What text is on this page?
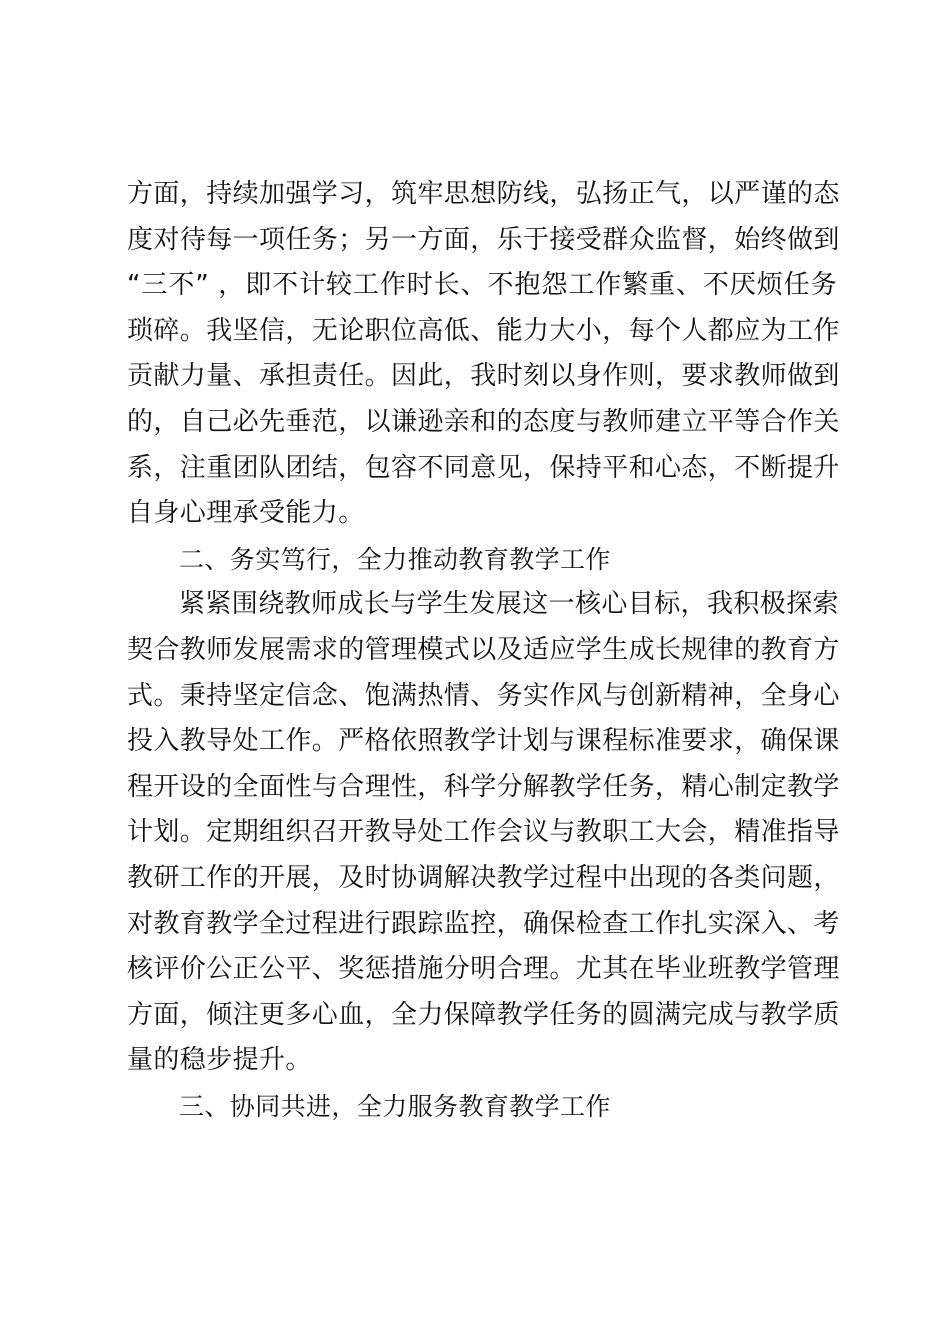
方面，持续加强学习，筑牢思想防线，弘扬正气，以严谨的态
度对待每一项任务；另一方面，乐于接受群众监督，始终做到
“三不” ，即不计较工作时长、不抱怨工作繁重、不厌烦任务
琐碎。我坚信，无论职位高低、能力大小，每个人都应为工作
贡献力量、承担责任。因此，我时刻以身作则，要求教师做到
的，自己必先垂范，以谦逊亲和的态度与教师建立平等合作关
系，注重团队团结，包容不同意见，保持平和心态，不断提升
自身心理承受能力。
二、务实笃行，全力推动教育教学工作
紧紧围绕教师成长与学生发展这一核心目标，我积极探索
契合教师发展需求的管理模式以及适应学生成长规律的教育方
式。秉持坚定信念、饱满热情、务实作风与创新精神，全身心
投入教导处工作。严格依照教学计划与课程标准要求，确保课
程开设的全面性与合理性，科学分解教学任务，精心制定教学
计划。定期组织召开教导处工作会议与教职工大会，精准指导
教研工作的开展，及时协调解决教学过程中出现的各类问题，
对教育教学全过程进行跟踪监控，确保检查工作扎实深入、考
核评价公正公平、奖惩措施分明合理。尤其在毕业班教学管理
方面，倾注更多心血，全力保障教学任务的圆满完成与教学质
量的稳步提升。
三、协同共进，全力服务教育教学工作
